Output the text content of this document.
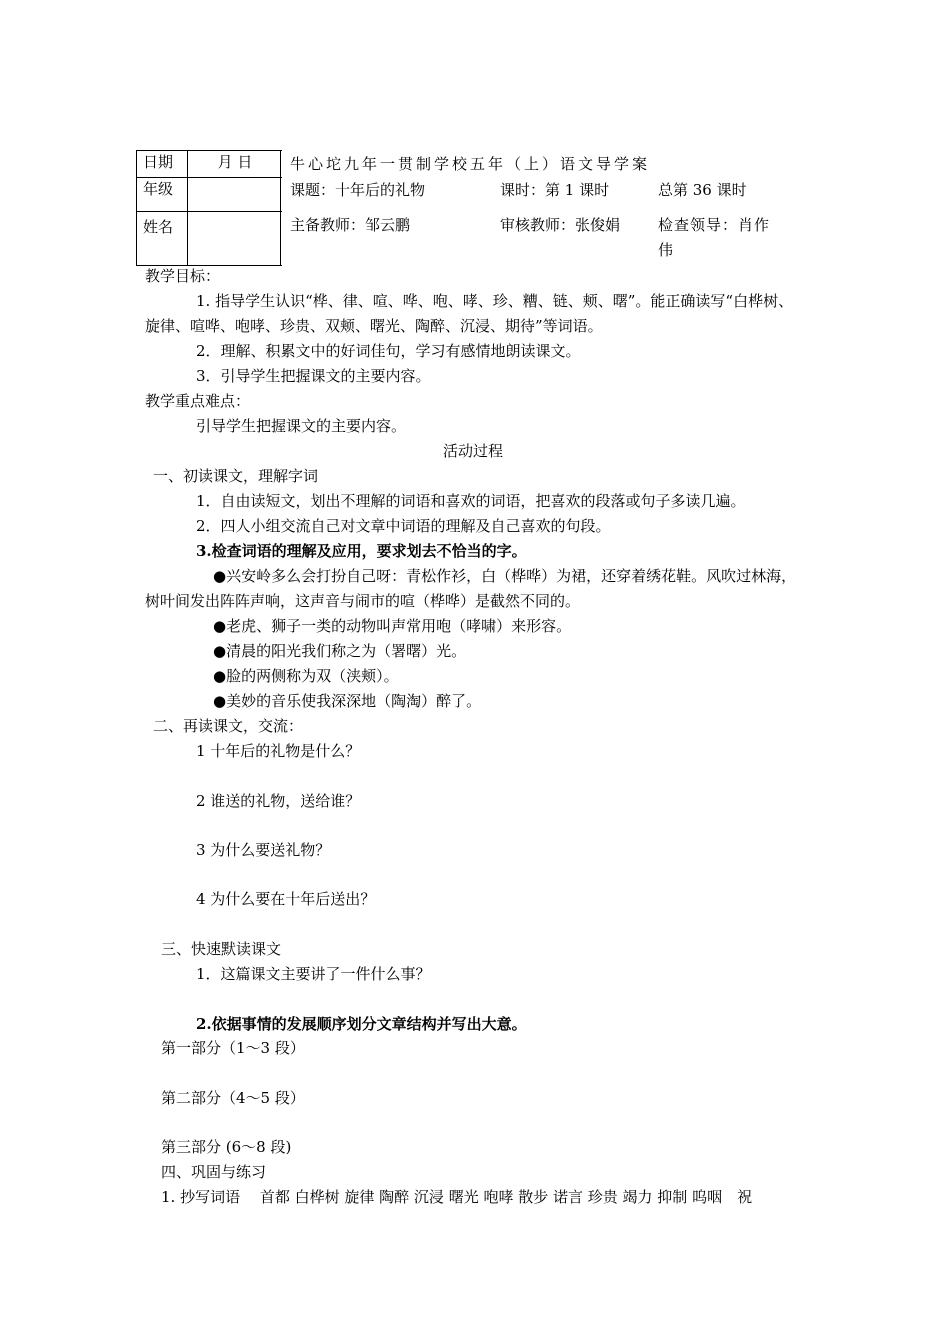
日期	月 日
年级	
姓名	
牛心坨九年一贯制学校五年（上）语文导学案
课题：十年后的礼物	课时：第 1 课时	总第 36 课时
主备教师：邹云鹏	审核教师：张俊娟	检查领导：肖作
伟
教学目标：
1. 指导学生认识“桦、律、喧、哗、咆、哮、珍、糟、链、颊、曙”。能正确读写“白桦树、
旋律、喧哗、咆哮、珍贵、双颊、曙光、陶醉、沉浸、期待”等词语。
2．理解、积累文中的好词佳句，学习有感情地朗读课文。
3．引导学生把握课文的主要内容。
教学重点难点：
引导学生把握课文的主要内容。
活动过程
一、初读课文，理解字词
1．自由读短文，划出不理解的词语和喜欢的词语，把喜欢的段落或句子多读几遍。
2．四人小组交流自己对文章中词语的理解及自己喜欢的句段。
3.检查词语的理解及应用，要求划去不恰当的字。
●兴安岭多么会打扮自己呀：青松作衫，白（桦哗）为裙，还穿着绣花鞋。风吹过林海，
树叶间发出阵阵声响，这声音与闹市的喧（桦哗）是截然不同的。
●老虎、狮子一类的动物叫声常用咆（哮啸）来形容。
●清晨的阳光我们称之为（署曙）光。
●脸的两侧称为双（浃颊）。
●美妙的音乐使我深深地（陶淘）醉了。
二、再读课文，交流：
1 十年后的礼物是什么？
2 谁送的礼物，送给谁？
3 为什么要送礼物？
4 为什么要在十年后送出？
三、快速默读课文
1．这篇课文主要讲了一件什么事？
2.依据事情的发展顺序划分文章结构并写出大意。
第一部分（1～3 段）
第二部分（4～5 段）
第三部分 (6～8 段)
四、巩固与练习
1. 抄写词语　 首都 白桦树 旋律 陶醉 沉浸 曙光 咆哮 散步 诺言 珍贵 竭力 抑制 呜咽　祝
